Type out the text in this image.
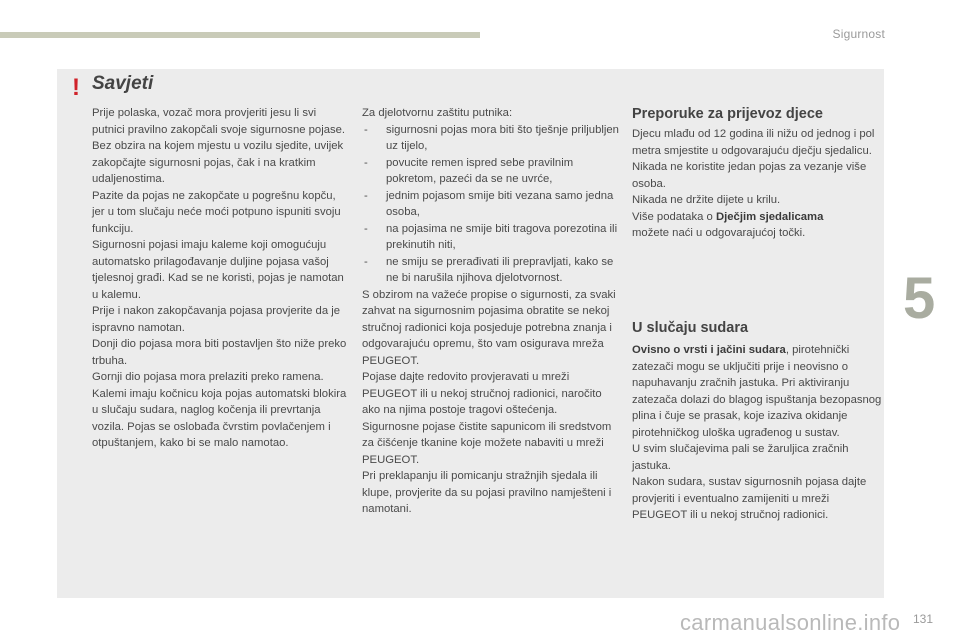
Sigurnost
5
! Savjeti

Prije polaska, vozač mora provjeriti jesu li svi putnici pravilno zakopčali svoje sigurnosne pojase.

Bez obzira na kojem mjestu u vozilu sjedite, uvijek zakopčajte sigurnosni pojas, čak i na kratkim udaljenostima.

Pazite da pojas ne zakopčate u pogrešnu kopču, jer u tom slučaju neće moći potpuno ispuniti svoju funkciju.

Sigurnosni pojasi imaju kaleme koji omogućuju automatsko prilagođavanje duljine pojasa vašoj tjelesnoj građi. Kad se ne koristi, pojas je namotan u kalemu.

Prije i nakon zakopčavanja pojasa provjerite da je ispravno namotan.

Donji dio pojasa mora biti postavljen što niže preko trbuha.

Gornji dio pojasa mora prelaziti preko ramena.

Kalemi imaju kočnicu koja pojas automatski blokira u slučaju sudara, naglog kočenja ili prevrtanja vozila. Pojas se oslobađa čvrstim povlačenjem i otpuštanjem, kako bi se malo namotao.

Za djelotvornu zaštitu putnika:

- sigurnosni pojas mora biti što tješnje priljubljen uz tijelo,
- povucite remen ispred sebe pravilnim pokretom, pazeći da se ne uvrće,
- jednim pojasom smije biti vezana samo jedna osoba,
- na pojasima ne smije biti tragova porezotina ili prekinutih niti,
- ne smiju se prerađivati ili prepravljati, kako se ne bi narušila njihova djelotvornost.

S obzirom na važeće propise o sigurnosti, za svaki zahvat na sigurnosnim pojasima obratite se nekoj stručnoj radionici koja posjeduje potrebna znanja i odgovarajuću opremu, što vam osigurava mreža PEUGEOT.

Pojase dajte redovito provjeravati u mreži PEUGEOT ili u nekoj stručnoj radionici, naročito ako na njima postoje tragovi oštećenja.

Sigurnosne pojase čistite sapunicom ili sredstvom za čišćenje tkanine koje možete nabaviti u mreži PEUGEOT.

Pri preklapanju ili pomicanju stražnjih sjedala ili klupe, provjerite da su pojasi pravilno namješteni i namotani.

Preporuke za prijevoz djece

Djecu mlađu od 12 godina ili nižu od jednog i pol metra smjestite u odgovarajuću dječju sjedalicu.

Nikada ne koristite jedan pojas za vezanje više osoba.

Nikada ne držite dijete u krilu.

Više podataka o Dječjim sjedalicama
možete naći u odgovarajućoj točki.

U slučaju sudara

Ovisno o vrsti i jačini sudara, pirotehnički zatezači mogu se uključiti prije i neovisno o napuhavanju zračnih jastuka. Pri aktiviranju zatezača dolazi do blagog ispuštanja bezopasnog plina i čuje se prasak, koje izaziva okidanje pirotehničkog uloška ugrađenog u sustav.

U svim slučajevima pali se žaruljica zračnih jastuka.

Nakon sudara, sustav sigurnosnih pojasa dajte provjeriti i eventualno zamijeniti u mreži PEUGEOT ili u nekoj stručnoj radionici.

carmanualsonline.info 131
